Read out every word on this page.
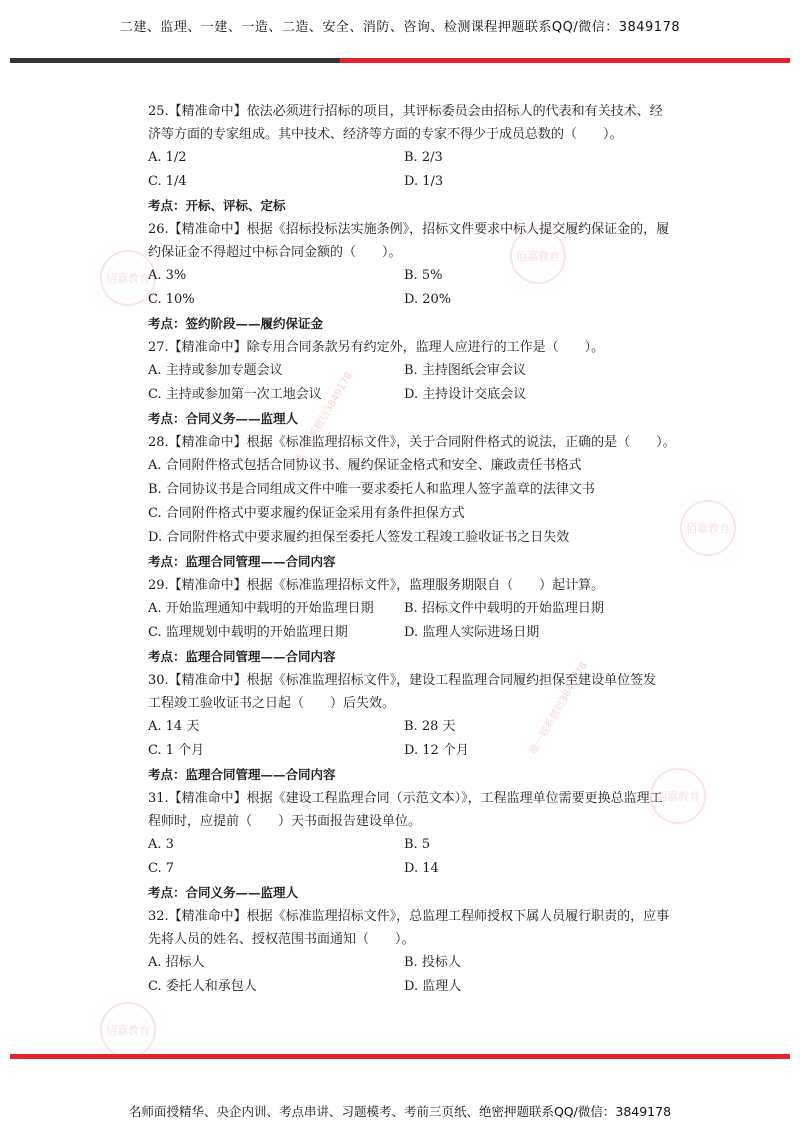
二建、监理、一建、一造、二造、安全、消防、咨询、检测课程押题联系QQ/微信：3849178
佰嘉教育
佰嘉教育
佰嘉教育
佰嘉教育
佰嘉教育
唯一联系微信3849178
唯一联系微信3849178
25.【精准命中】依法必须进行招标的项目，其评标委员会由招标人的代表和有关技术、经
济等方面的专家组成。其中技术、经济等方面的专家不得少于成员总数的（　　）。
A. 1/2	B. 2/3
C. 1/4	D. 1/3
考点：开标、评标、定标
26.【精准命中】根据《招标投标法实施条例》，招标文件要求中标人提交履约保证金的，履
约保证金不得超过中标合同金额的（　　）。
A. 3%	B. 5%
C. 10%	D. 20%
考点：签约阶段——履约保证金
27.【精准命中】除专用合同条款另有约定外，监理人应进行的工作是（　　）。
A. 主持或参加专题会议	B. 主持图纸会审会议
C. 主持或参加第一次工地会议	D. 主持设计交底会议
考点：合同义务——监理人
28.【精准命中】根据《标准监理招标文件》，关于合同附件格式的说法，正确的是（　　）。
A. 合同附件格式包括合同协议书、履约保证金格式和安全、廉政责任书格式
B. 合同协议书是合同组成文件中唯一要求委托人和监理人签字盖章的法律文书
C. 合同附件格式中要求履约保证金采用有条件担保方式
D. 合同附件格式中要求履约担保至委托人签发工程竣工验收证书之日失效
考点：监理合同管理——合同内容
29.【精准命中】根据《标准监理招标文件》，监理服务期限自（　　）起计算。
A. 开始监理通知中载明的开始监理日期	B. 招标文件中载明的开始监理日期
C. 监理规划中载明的开始监理日期	D. 监理人实际进场日期
考点：监理合同管理——合同内容
30.【精准命中】根据《标准监理招标文件》，建设工程监理合同履约担保至建设单位签发
工程竣工验收证书之日起（　　）后失效。
A. 14 天	B. 28 天
C. 1 个月	D. 12 个月
考点：监理合同管理——合同内容
31.【精准命中】根据《建设工程监理合同（示范文本）》，工程监理单位需要更换总监理工
程师时，应提前（　　）天书面报告建设单位。
A. 3	B. 5
C. 7	D. 14
考点：合同义务——监理人
32.【精准命中】根据《标准监理招标文件》，总监理工程师授权下属人员履行职责的，应事
先将人员的姓名、授权范围书面通知（　　）。
A. 招标人	B. 投标人
C. 委托人和承包人	D. 监理人
名师面授精华、央企内训、考点串讲、习题模考、考前三页纸、绝密押题联系QQ/微信：3849178
